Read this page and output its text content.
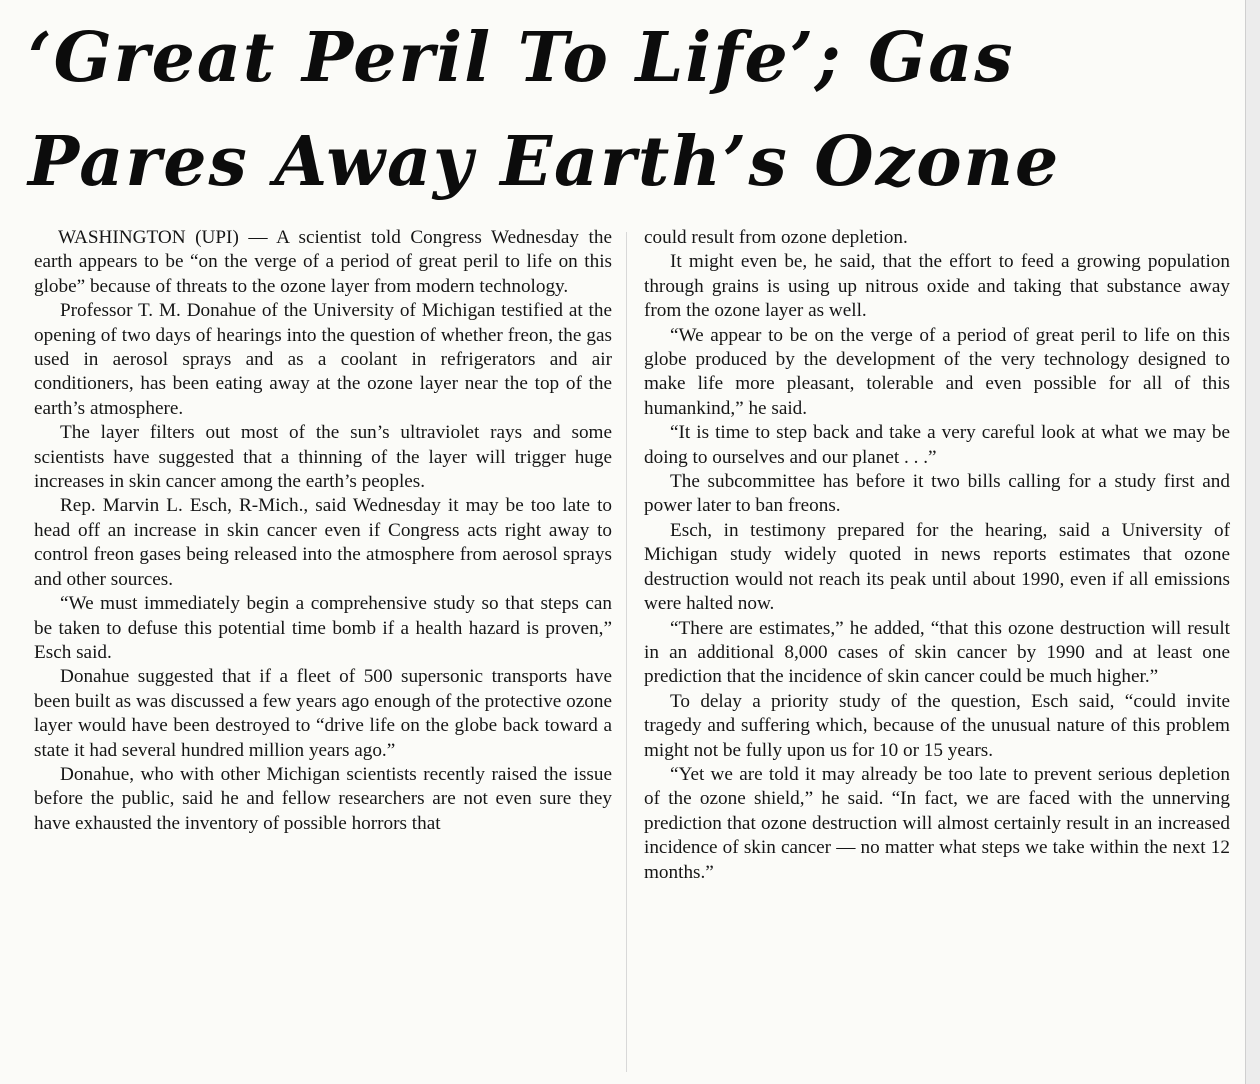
‘Great Peril To Life’; Gas
Pares Away Earth’s Ozone

WASHINGTON (UPI) — A scientist told Congress Wednesday the earth appears to be “on the verge of a period of great peril to life on this globe” because of threats to the ozone layer from modern technology.

Professor T. M. Donahue of the University of Michigan testified at the opening of two days of hearings into the question of whether freon, the gas used in aerosol sprays and as a coolant in refrigerators and air conditioners, has been eating away at the ozone layer near the top of the earth’s atmosphere.

The layer filters out most of the sun’s ultraviolet rays and some scientists have suggested that a thinning of the layer will trigger huge increases in skin cancer among the earth’s peoples.

Rep. Marvin L. Esch, R-Mich., said Wednesday it may be too late to head off an increase in skin cancer even if Congress acts right away to control freon gases being released into the atmosphere from aerosol sprays and other sources.

“We must immediately begin a comprehensive study so that steps can be taken to defuse this potential time bomb if a health hazard is proven,” Esch said.

Donahue suggested that if a fleet of 500 supersonic transports have been built as was discussed a few years ago enough of the protective ozone layer would have been destroyed to “drive life on the globe back toward a state it had several hundred million years ago.”

Donahue, who with other Michigan scientists recently raised the issue before the public, said he and fellow researchers are not even sure they have exhausted the inventory of possible horrors that

could result from ozone depletion.

It might even be, he said, that the effort to feed a growing population through grains is using up nitrous oxide and taking that substance away from the ozone layer as well.

“We appear to be on the verge of a period of great peril to life on this globe produced by the development of the very technology designed to make life more pleasant, tolerable and even possible for all of this humankind,” he said.

“It is time to step back and take a very careful look at what we may be doing to ourselves and our planet . . .”

The subcommittee has before it two bills calling for a study first and power later to ban freons.

Esch, in testimony prepared for the hearing, said a University of Michigan study widely quoted in news reports estimates that ozone destruction would not reach its peak until about 1990, even if all emissions were halted now.

“There are estimates,” he added, “that this ozone destruction will result in an additional 8,000 cases of skin cancer by 1990 and at least one prediction that the incidence of skin cancer could be much higher.”

To delay a priority study of the question, Esch said, “could invite tragedy and suffering which, because of the unusual nature of this problem might not be fully upon us for 10 or 15 years.

“Yet we are told it may already be too late to prevent serious depletion of the ozone shield,” he said. “In fact, we are faced with the unnerving prediction that ozone destruction will almost certainly result in an increased incidence of skin cancer — no matter what steps we take within the next 12 months.”
